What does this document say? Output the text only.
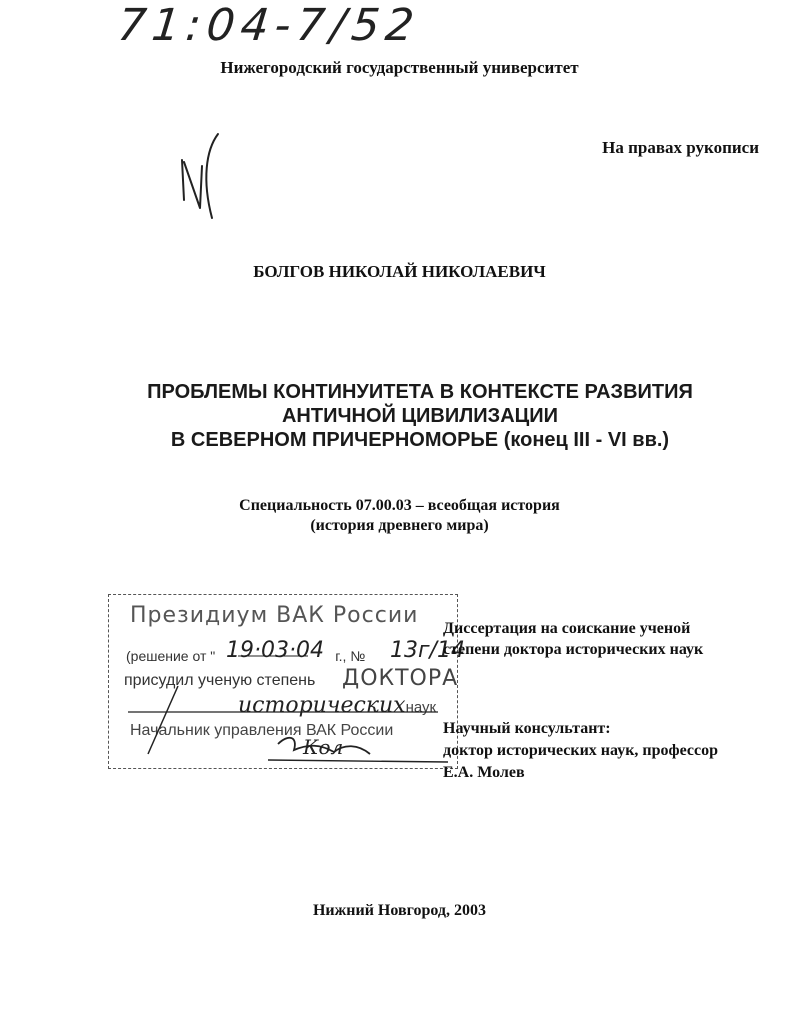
71:04-7/52
Нижегородский государственный университет
На правах рукописи
БОЛГОВ НИКОЛАЙ НИКОЛАЕВИЧ
ПРОБЛЕМЫ КОНТИНУИТЕТА В КОНТЕКСТЕ РАЗВИТИЯ
АНТИЧНОЙ ЦИВИЛИЗАЦИИ
В СЕВЕРНОМ ПРИЧЕРНОМОРЬЕ (конец III - VI вв.)
Специальность 07.00.03 – всеобщая история
(история древнего мира)
Президиум ВАК России
(решение от "	г., №
19·03·04	13г/14
присудил ученую степень ДОКТОРА
историческихнаук
Начальник управления ВАК России
Кол
Диссертация на соискание ученой
степени доктора исторических наук
Научный консультант:
доктор исторических наук, профессор
Е.А. Молев
Нижний Новгород, 2003
